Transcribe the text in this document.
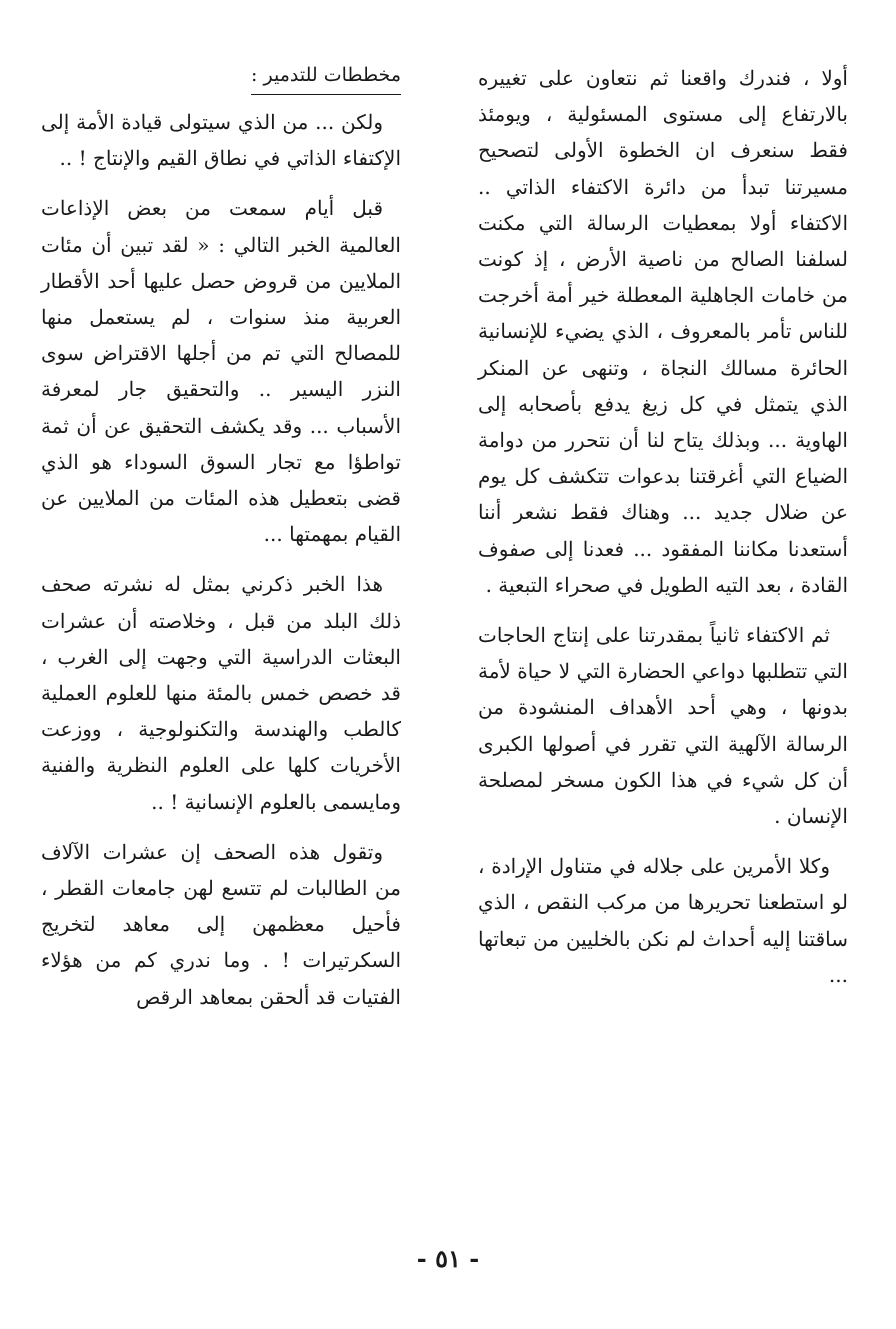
أولا ، فندرك واقعنا ثم نتعاون على تغييره بالارتفاع إلى مستوى المسئولية ، ويومئذ فقط سنعرف ان الخطوة الأولى لتصحيح مسيرتنا تبدأ من دائرة الاكتفاء الذاتي .. الاكتفاء أولا بمعطيات الرسالة التي مكنت لسلفنا الصالح من ناصية الأرض ، إذ كونت من خامات الجاهلية المعطلة خير أمة أخرجت للناس تأمر بالمعروف ، الذي يضيء للإنسانية الحائرة مسالك النجاة ، وتنهى عن المنكر الذي يتمثل في كل زيغ يدفع بأصحابه إلى الهاوية ... وبذلك يتاح لنا أن نتحرر من دوامة الضياع التي أغرقتنا بدعوات تتكشف كل يوم عن ضلال جديد ... وهناك فقط نشعر أننا أستعدنا مكاننا المفقود ... فعدنا إلى صفوف القادة ، بعد التيه الطويل في صحراء التبعية .

ثم الاكتفاء ثانياً بمقدرتنا على إنتاج الحاجات التي تتطلبها دواعي الحضارة التي لا حياة لأمة بدونها ، وهي أحد الأهداف المنشودة من الرسالة الآلهية التي تقرر في أصولها الكبرى أن كل شيء في هذا الكون مسخر لمصلحة الإنسان .

وكلا الأمرين على جلاله في متناول الإرادة ، لو استطعنا تحريرها من مركب النقص ، الذي ساقتنا إليه أحداث لم نكن بالخليين من تبعاتها ...

مخططات للتدمير :

ولكن ... من الذي سيتولى قيادة الأمة إلى الإكتفاء الذاتي في نطاق القيم والإنتاج ! ..

قبل أيام سمعت من بعض الإذاعات العالمية الخبر التالي : « لقد تبين أن مئات الملايين من قروض حصل عليها أحد الأقطار العربية منذ سنوات ، لم يستعمل منها للمصالح التي تم من أجلها الاقتراض سوى النزر اليسير .. والتحقيق جار لمعرفة الأسباب ... وقد يكشف التحقيق عن أن ثمة تواطؤا مع تجار السوق السوداء هو الذي قضى بتعطيل هذه المئات من الملايين عن القيام بمهمتها ...

هذا الخبر ذكرني بمثل له نشرته صحف ذلك البلد من قبل ، وخلاصته أن عشرات البعثات الدراسية التي وجهت إلى الغرب ، قد خصص خمس بالمئة منها للعلوم العملية كالطب والهندسة والتكنولوجية ، ووزعت الأخريات كلها على العلوم النظرية والفنية ومايسمى بالعلوم الإنسانية ! ..

وتقول هذه الصحف إن عشرات الآلاف من الطالبات لم تتسع لهن جامعات القطر ، فأحيل معظمهن إلى معاهد لتخريج السكرتيرات ! . وما ندري كم من هؤلاء الفتيات قد ألحقن بمعاهد الرقص

- ٥١ -
